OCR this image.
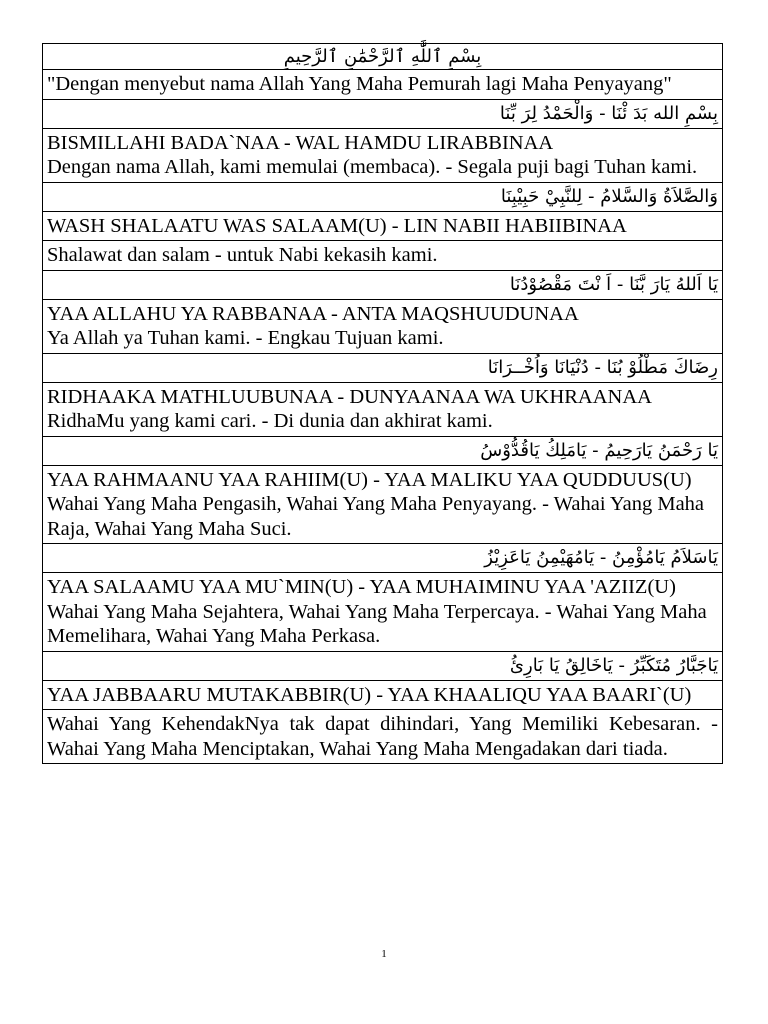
بِسْمِ ٱللَّٰهِ ٱلرَّحْمَٰنِ ٱلرَّحِيمِ

"Dengan menyebut nama Allah Yang Maha Pemurah lagi Maha Penyayang"

بِسْمِ الله بَدَ ئْنَا - وَالْحَمْدُ لِرَ بِّنَا

BISMILLAHI BADA`NAA - WAL HAMDU LIRABBINAA
Dengan nama Allah, kami memulai (membaca). - Segala puji bagi Tuhan kami.

وَالصَّلاَةُ وَالسَّلامُ - لِلنَّبِيْ حَبِيْبِنَا

WASH SHALAATU WAS SALAAM(U) - LIN NABII HABIIBINAA

Shalawat dan salam - untuk Nabi kekasih kami.

يَا اَللهُ يَارَ بَّنَا - اَ نْتَ مَقْصُوْدُنَا

YAA ALLAHU YA RABBANAA - ANTA MAQSHUUDUNAA
Ya Allah ya Tuhan kami. - Engkau Tujuan kami.

رِضَاكَ مَطْلُوْ بُنَا - دُنْيَانَا وَاُخْــرَانَا

RIDHAAKA MATHLUUBUNAA - DUNYAANAA WA UKHRAANAA
RidhaMu yang kami cari. - Di dunia dan akhirat kami.

يَا رَحْمَنُ يَارَحِيمُ - يَامَلِكُ يَاقُدُّوْسُ

YAA RAHMAANU YAA RAHIIM(U) - YAA MALIKU YAA QUDDUUS(U)
Wahai Yang Maha Pengasih, Wahai Yang Maha Penyayang. - Wahai Yang Maha Raja, Wahai Yang Maha Suci.

يَاسَلاَمُ يَامُؤْمِنُ - يَامُهَيْمِنُ يَاعَزِيْزُ

YAA SALAAMU YAA MU`MIN(U) - YAA MUHAIMINU YAA 'AZIIZ(U)
Wahai Yang Maha Sejahtera, Wahai Yang Maha Terpercaya. - Wahai Yang Maha Memelihara, Wahai Yang Maha Perkasa.

يَاجَبَّارُ مُتَكَبِّرُ - يَاخَالِقُ يَا بَارِئُ

YAA JABBAARU MUTAKABBIR(U) - YAA KHAALIQU YAA BAARI`(U)

Wahai Yang KehendakNya tak dapat dihindari, Yang Memiliki Kebesaran. - Wahai Yang Maha Menciptakan, Wahai Yang Maha Mengadakan dari tiada.
1
